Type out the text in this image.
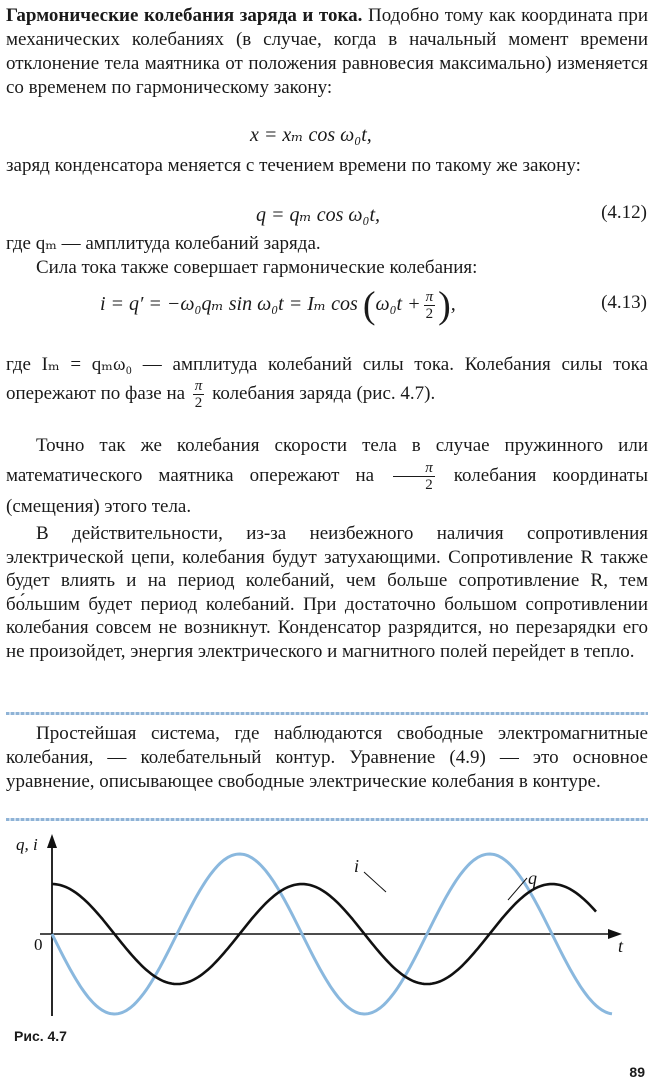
Гармонические колебания заряда и тока. Подобно тому как координата при механических колебаниях (в случае, когда в начальный момент времени отклонение тела маятника от положения равновесия максимально) изменяется со временем по гармоническому закону:
x = xₘ cos ω₀t,
заряд конденсатора меняется с течением времени по такому же закону:
q = qₘ cos ω₀t,	(4.12)
где qₘ — амплитуда колебаний заряда.
Сила тока также совершает гармонические колебания:
i = q′ = −ω₀qₘ sin ω₀t = Iₘ $\cos (\omega_0t + \frac{\pi}{2}$ ),	(4.13)
где Iₘ = qₘω₀ — амплитуда колебаний силы тока. Колебания силы тока опережают по фазе на $\frac{\pi}{2}$ колебания заряда (рис. 4.7).
Точно так же колебания скорости тела в случае пружинного или математического маятника опережают на $\frac{\pi}{2}$ колебания координаты (смещения) этого тела.
В действительности, из-за неизбежного наличия сопротивления электрической цепи, колебания будут затухающими. Сопротивление R также будет влиять и на период колебаний, чем больше сопротивление R, тем бо́льшим будет период колебаний. При достаточно большом сопротивлении колебания совсем не возникнут. Конденсатор разрядится, но перезарядки его не произойдет, энергия электрического и магнитного полей перейдет в тепло.
Простейшая система, где наблюдаются свободные электромагнитные колебания, — колебательный контур. Уравнение (4.9) — это основное уравнение, описывающее свободные электрические колебания в контуре.
q, i
t
0
i
q
Рис. 4.7
89
